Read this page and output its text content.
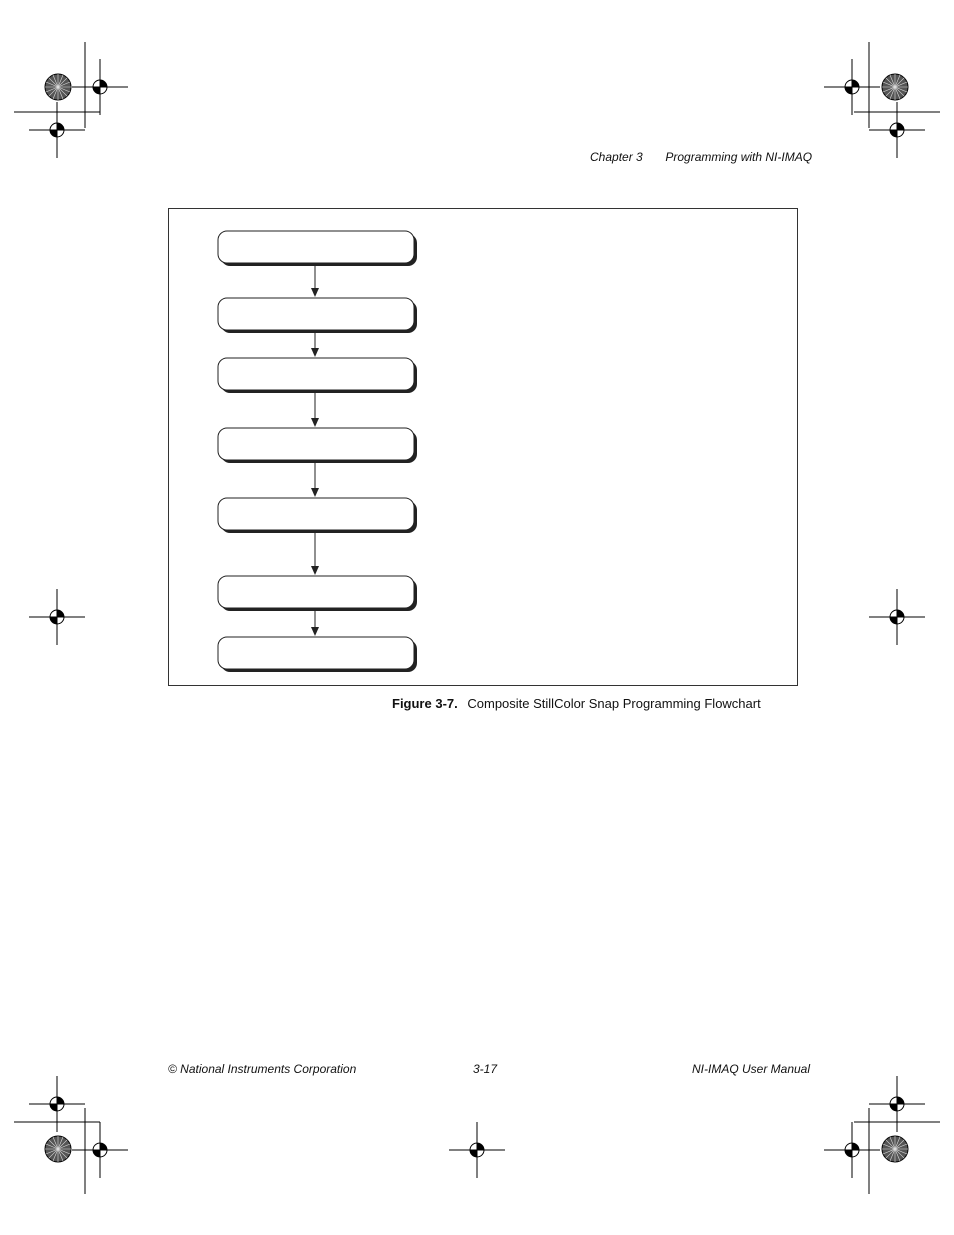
Chapter 3 Programming with NI-IMAQ
Figure 3-7. Composite StillColor Snap Programming Flowchart
© National Instruments Corporation	3-17	NI-IMAQ User Manual
